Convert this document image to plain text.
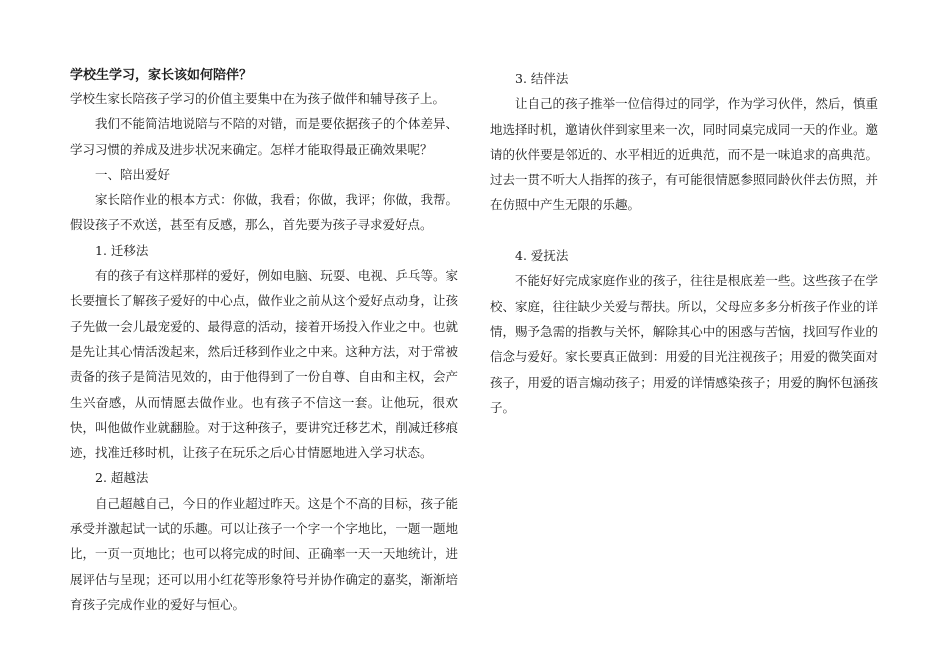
学校生学习，家长该如何陪伴？

学校生家长陪孩子学习的价值主要集中在为孩子做伴和辅导孩子上。

我们不能简洁地说陪与不陪的对错，而是要依据孩子的个体差异、学习习惯的养成及进步状况来确定。怎样才能取得最正确效果呢？

一、陪出爱好

家长陪作业的根本方式：你做，我看；你做，我评；你做，我帮。假设孩子不欢送，甚至有反感，那么，首先要为孩子寻求爱好点。

1. 迁移法

有的孩子有这样那样的爱好，例如电脑、玩耍、电视、乒乓等。家长要擅长了解孩子爱好的中心点，做作业之前从这个爱好点动身，让孩子先做一会儿最宠爱的、最得意的活动，接着开场投入作业之中。也就是先让其心情活泼起来，然后迁移到作业之中来。这种方法，对于常被责备的孩子是简洁见效的，由于他得到了一份自尊、自由和主权，会产生兴奋感，从而情愿去做作业。也有孩子不信这一套。让他玩，很欢快，叫他做作业就翻脸。对于这种孩子，要讲究迁移艺术，削减迁移痕迹，找准迁移时机，让孩子在玩乐之后心甘情愿地进入学习状态。

2. 超越法

自己超越自己，今日的作业超过昨天。这是个不高的目标，孩子能承受并激起试一试的乐趣。可以让孩子一个字一个字地比，一题一题地比，一页一页地比；也可以将完成的时间、正确率一天一天地统计，进展评估与呈现；还可以用小红花等形象符号并协作确定的嘉奖，渐渐培育孩子完成作业的爱好与恒心。

3. 结伴法

让自己的孩子推举一位信得过的同学，作为学习伙伴，然后，慎重地选择时机，邀请伙伴到家里来一次，同时同桌完成同一天的作业。邀请的伙伴要是邻近的、水平相近的近典范，而不是一味追求的高典范。过去一贯不听大人指挥的孩子，有可能很情愿参照同龄伙伴去仿照，并在仿照中产生无限的乐趣。

4. 爱抚法

不能好好完成家庭作业的孩子，往往是根底差一些。这些孩子在学校、家庭，往往缺少关爱与帮扶。所以，父母应多多分析孩子作业的详情，赐予急需的指教与关怀，解除其心中的困惑与苦恼，找回写作业的信念与爱好。家长要真正做到：用爱的目光注视孩子；用爱的微笑面对孩子，用爱的语言煽动孩子；用爱的详情感染孩子；用爱的胸怀包涵孩子。
